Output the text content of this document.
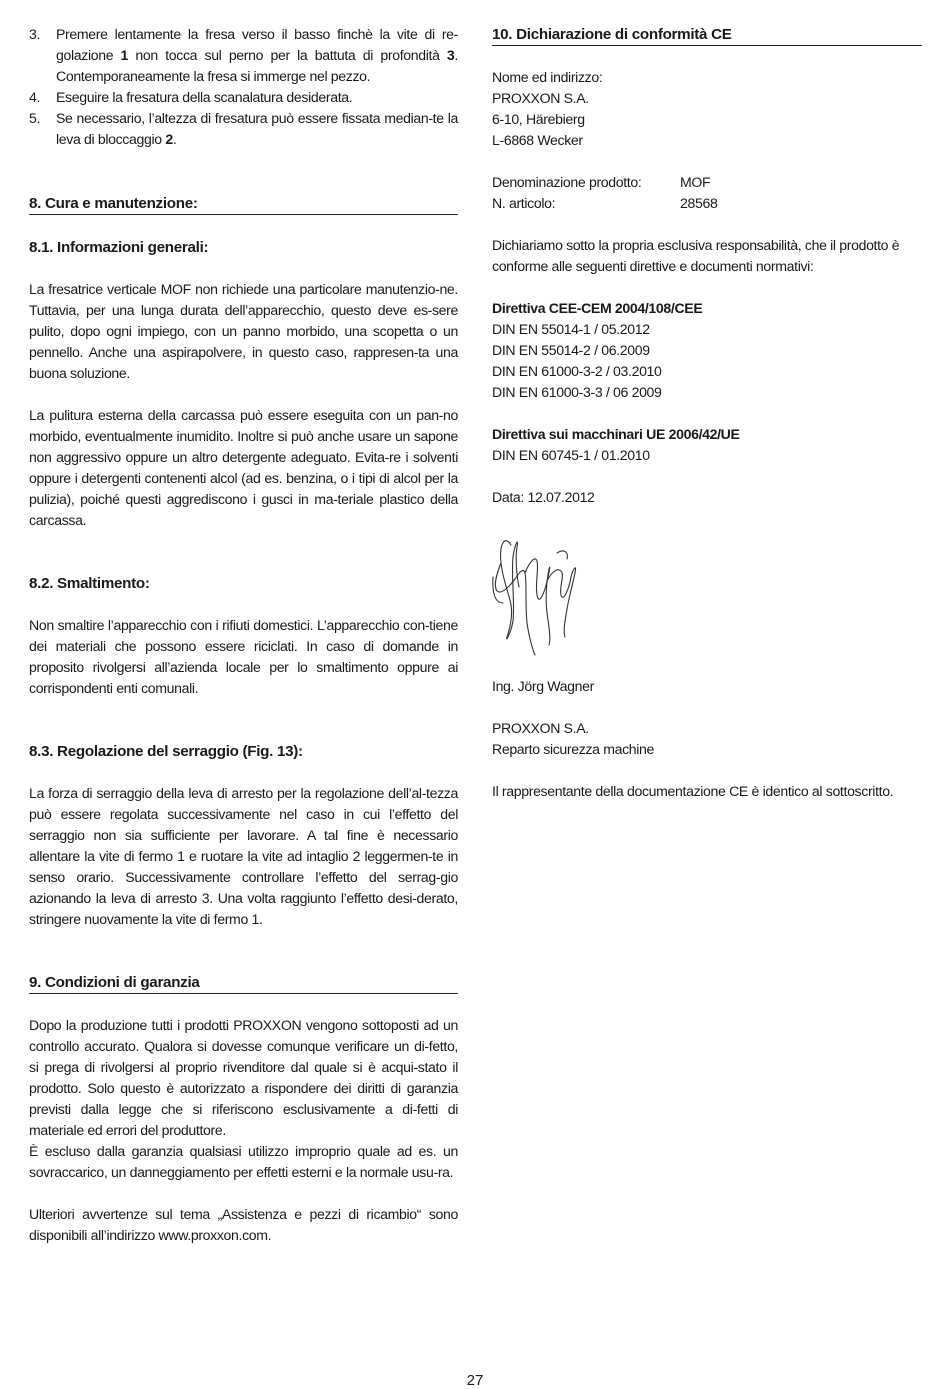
3. Premere lentamente la fresa verso il basso finchè la vite di re-golazione 1 non tocca sul perno per la battuta di profondità 3. Contemporaneamente la fresa si immerge nel pezzo.
4. Eseguire la fresatura della scanalatura desiderata.
5. Se necessario, l’altezza di fresatura può essere fissata median-te la leva di bloccaggio 2.
8. Cura e manutenzione:
8.1. Informazioni generali:

La fresatrice verticale MOF non richiede una particolare manutenzio-ne. Tuttavia, per una lunga durata dell’apparecchio, questo deve es-sere pulito, dopo ogni impiego, con un panno morbido, una scopetta o un pennello. Anche una aspirapolvere, in questo caso, rappresen-ta una buona soluzione.

La pulitura esterna della carcassa può essere eseguita con un pan-no morbido, eventualmente inumidito. Inoltre si può anche usare un sapone non aggressivo oppure un altro detergente adeguato. Evita-re i solventi oppure i detergenti contenenti alcol (ad es. benzina, o i tipi di alcol per la pulizia), poiché questi aggrediscono i gusci in ma-teriale plastico della carcassa.

8.2. Smaltimento:

Non smaltire l’apparecchio con i rifiuti domestici. L’apparecchio con-tiene dei materiali che possono essere riciclati. In caso di domande in proposito rivolgersi all’azienda locale per lo smaltimento oppure ai corrispondenti enti comunali.

8.3. Regolazione del serraggio (Fig. 13):

La forza di serraggio della leva di arresto per la regolazione dell’al-tezza può essere regolata successivamente nel caso in cui l’effetto del serraggio non sia sufficiente per lavorare. A tal fine è necessario allentare la vite di fermo 1 e ruotare la vite ad intaglio 2 leggermen-te in senso orario. Successivamente controllare l’effetto del serrag-gio azionando la leva di arresto 3. Una volta raggiunto l’effetto desi-derato, stringere nuovamente la vite di fermo 1.

9. Condizioni di garanzia

Dopo la produzione tutti i prodotti PROXXON vengono sottoposti ad un controllo accurato. Qualora si dovesse comunque verificare un di-fetto, si prega di rivolgersi al proprio rivenditore dal quale si è acqui-stato il prodotto. Solo questo è autorizzato a rispondere dei diritti di garanzia previsti dalla legge che si riferiscono esclusivamente a di-fetti di materiale ed errori del produttore.

È escluso dalla garanzia qualsiasi utilizzo improprio quale ad es. un sovraccarico, un danneggiamento per effetti esterni e la normale usu-ra.

Ulteriori avvertenze sul tema „Assistenza e pezzi di ricambio“ sono disponibili all’indirizzo www.proxxon.com.

10. Dichiarazione di conformità CE

Nome ed indirizzo:

PROXXON S.A.

6-10, Härebierg

L-6868 Wecker

Denominazione prodotto:	MOF
N. articolo:	28568

Dichiariamo sotto la propria esclusiva responsabilità, che il prodotto è conforme alle seguenti direttive e documenti normativi:

Direttiva CEE-CEM 2004/108/CEE

DIN EN 55014-1 / 05.2012

DIN EN 55014-2 / 06.2009

DIN EN 61000-3-2 / 03.2010

DIN EN 61000-3-3 / 06 2009

Direttiva sui macchinari UE 2006/42/UE

DIN EN 60745-1 / 01.2010

Data: 12.07.2012

Ing. Jörg Wagner

PROXXON S.A.

Reparto sicurezza machine

Il rappresentante della documentazione CE è identico al sottoscritto.

27
